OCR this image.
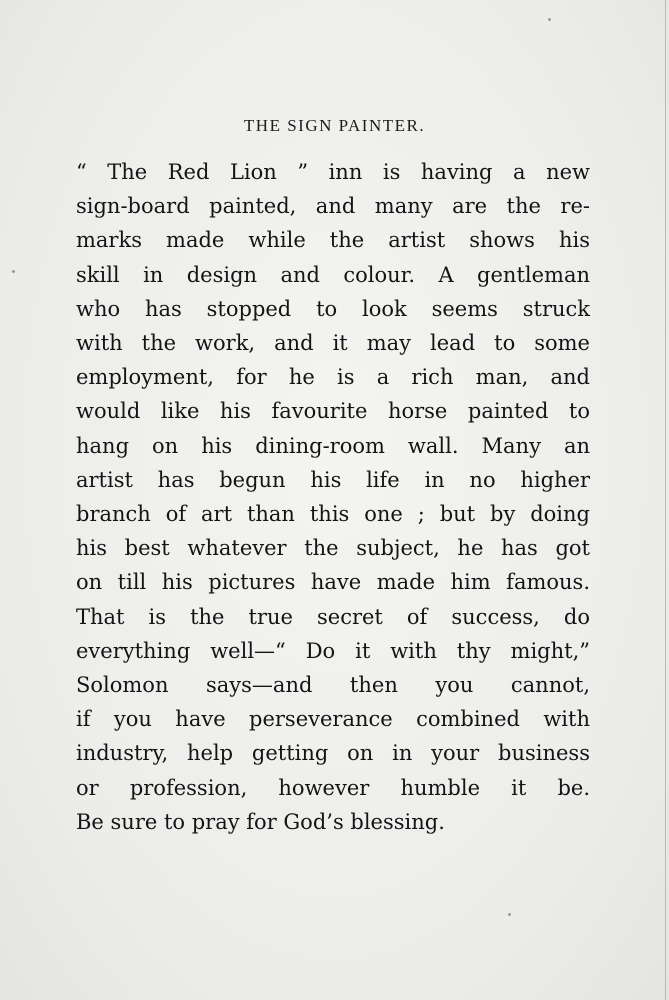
THE SIGN PAINTER.
“ The Red Lion ” inn is having a new
sign-board painted, and many are the re-
marks made while the artist shows his
skill in design and colour. A gentleman
who has stopped to look seems struck
with the work, and it may lead to some
employment, for he is a rich man, and
would like his favourite horse painted to
hang on his dining-room wall. Many an
artist has begun his life in no higher
branch of art than this one ; but by doing
his best whatever the subject, he has got
on till his pictures have made him famous.
That is the true secret of success, do
everything well—“ Do it with thy might,”
Solomon says—and then you cannot,
if you have perseverance combined with
industry, help getting on in your business
or profession, however humble it be.
Be sure to pray for God’s blessing.
